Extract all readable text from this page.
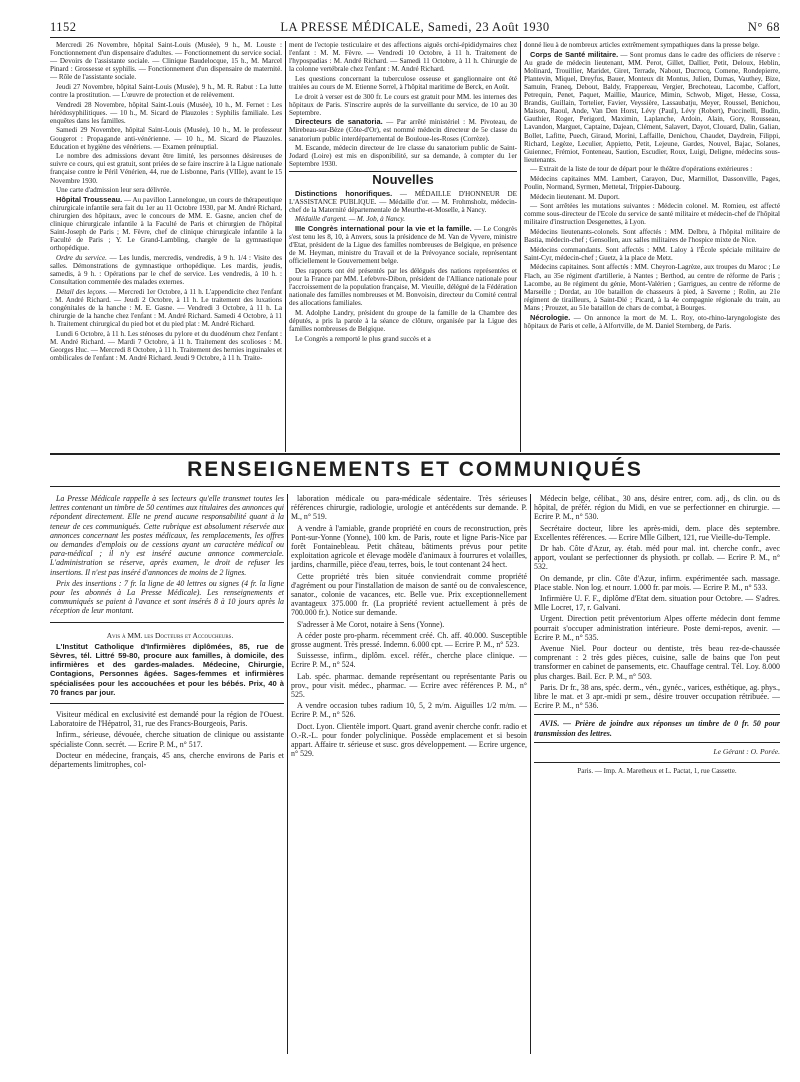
1152	LA PRESSE MÉDICALE, Samedi, 23 Août 1930	N° 68

Mercredi 26 Novembre, hôpital Saint-Louis (Musée), 9 h., M. Louste : Fonctionnement d'un dispensaire d'adultes. — Fonctionnement du service social. — Devoirs de l'assistante sociale. — Clinique Baudelocque, 15 h., M. Marcel Pinard : Grossesse et syphilis. — Fonctionnement d'un dispensaire de maternité. — Rôle de l'assistante sociale.

Jeudi 27 Novembre, hôpital Saint-Louis (Musée), 9 h., M. R. Rabut : La lutte contre la prostitution. — L'œuvre de protection et de relèvement.

Vendredi 28 Novembre, hôpital Saint-Louis (Musée), 10 h., M. Fernet : Les hérédosyphilitiques. — 10 h., M. Sicard de Plauzoles : Syphilis familiale. Les enquêtes dans les familles.

Samedi 29 Novembre, hôpital Saint-Louis (Musée), 10 h., M. le professeur Gougerot : Propagande anti-vénérienne. — 10 h., M. Sicard de Plauzoles. Education et hygiène des vénériens. — Examen prénuptial.

Le nombre des admissions devant être limité, les personnes désireuses de suivre ce cours, qui est gratuit, sont priées de se faire inscrire à la Ligue nationale française contre le Péril Vénérien, 44, rue de Lisbonne, Paris (VIIIe), avant le 15 Novembre 1930.

Une carte d'admission leur sera délivrée.

Hôpital Trousseau. — Au pavillon Lannelongue, un cours de thérapeutique chirurgicale infantile sera fait du 1er au 11 Octobre 1930, par M. André Richard, chirurgien des hôpitaux, avec le concours de MM. E. Gasne, ancien chef de clinique chirurgicale infantile à la Faculté de Paris et chirurgien de l'hôpital Saint-Joseph de Paris ; M. Fèvre, chef de clinique chirurgicale infantile à la Faculté de Paris ; Y. Le Grand-Lambling, chargée de la gymnastique orthopédique.

Ordre du service. — Les lundis, mercredis, vendredis, à 9 h. 1/4 : Visite des salles. Démonstrations de gymnastique orthopédique. Les mardis, jeudis, samedis, à 9 h. : Opérations par le chef de service. Les vendredis, à 10 h. : Consultation commentée des malades externes.

Détail des leçons. — Mercredi 1er Octobre, à 11 h. L'appendicite chez l'enfant : M. André Richard. — Jeudi 2 Octobre, à 11 h. Le traitement des luxations congénitales de la hanche : M. E. Gasne. — Vendredi 3 Octobre, à 11 h. La chirurgie de la hanche chez l'enfant : M. André Richard. Samedi 4 Octobre, à 11 h. Traitement chirurgical du pied bot et du pied plat : M. André Richard.

Lundi 6 Octobre, à 11 h. Les sténoses du pylore et du duodénum chez l'enfant : M. André Richard. — Mardi 7 Octobre, à 11 h. Traitement des scolioses : M. Georges Huc. — Mercredi 8 Octobre, à 11 h. Traitement des hernies inguinales et ombilicales de l'enfant : M. André Richard. Jeudi 9 Octobre, à 11 h. Traite-

ment de l'ectopie testiculaire et des affections aiguës orchi-épididymaires chez l'enfant : M. M. Fèvre. — Vendredi 10 Octobre, à 11 h. Traitement de l'hypospadias : M. André Richard. — Samedi 11 Octobre, à 11 h. Chirurgie de la colonne vertébrale chez l'enfant : M. André Richard.

Les questions concernant la tuberculose osseuse et ganglionnaire ont été traitées au cours de M. Etienne Sorrel, à l'hôpital maritime de Berck, en Août.

Le droit à verser est de 300 fr. Le cours est gratuit pour MM. les internes des hôpitaux de Paris. S'inscrire auprès de la surveillante du service, de 10 au 30 Septembre.

Directeurs de sanatoria. — Par arrêté ministériel : M. Pivoteau, de Mirebeau-sur-Bèze (Côte-d'Or), est nommé médecin directeur de 5e classe du sanatorium public interdépartemental de Bouloue-les-Roses (Corrèze).

M. Escande, médecin directeur de 1re classe du sanatorium public de Saint-Jodard (Loire) est mis en disponibilité, sur sa demande, à compter du 1er Septembre 1930.

Nouvelles

Distinctions honorifiques. — MÉDAILLE D'HONNEUR DE L'ASSISTANCE PUBLIQUE. — Médaille d'or. — M. Frohmsholz, médecin-chef de la Maternité départementale de Meurthe-et-Moselle, à Nancy.

Médaille d'argent. — M. Job, à Nancy.

IIIe Congrès international pour la vie et la famille. — Le Congrès s'est tenu les 8, 10, à Anvers, sous la présidence de M. Van de Vyvere, ministre d'Etat, président de la Ligue des familles nombreuses de Belgique, en présence de M. Heyman, ministre du Travail et de la Prévoyance sociale, représentant officiellement le Gouvernement belge.

Des rapports ont été présentés par les délégués des nations représentées et pour la France par MM. Lefebvre-Dibon, président de l'Alliance nationale pour l'accroissement de la population française, M. Vieuille, délégué de la Fédération nationale des familles nombreuses et M. Bonvoisin, directeur du Comité central des allocations familiales.

M. Adolphe Landry, président du groupe de la famille de la Chambre des députés, a pris la parole à la séance de clôture, organisée par la Ligue des familles nombreuses de Belgique.

Le Congrès a remporté le plus grand succès et a

donné lieu à de nombreux articles extrêmement sympathiques dans la presse belge.

Corps de Santé militaire. — Sont promus dans le cadre des officiers de réserve : Au grade de médecin lieutenant, MM. Perot, Gillet, Dallier, Petit, Deloux, Heblin, Molinard, Trouillier, Maridet, Giret, Terrade, Nabout, Ducrocq, Comene, Rondepierre, Plantevin, Miquel, Dreyfus, Bauer, Monteux dit Montus, Julien, Dumas, Vauthey, Bize, Samuin, Franeq, Debout, Baldy, Frappereau, Vergier, Brechoteau, Lacombe, Caffort, Petrequin, Penet, Paquet, Maillie, Maurice, Mimin, Schwob, Miget, Hesse, Cossa, Brandis, Guillain, Tortelier, Favier, Veyssière, Lassaubatju, Meyer, Roussel, Benichou, Maison, Raoul, Ande, Van Den Horst, Lévy (Paul), Lévy (Robert), Puccinelli, Budin, Gauthier, Roger, Perigord, Maximin, Laplanche, Ardoin, Alain, Gory, Rousseau, Lavandon, Marguet, Captaine, Dajean, Clément, Salavert, Dayot, Clouard, Dalin, Galian, Bollet, Lafitte, Puech, Giraud, Morini, Laffaille, Denichou, Chaudet, Daydrein, Filippi, Richard, Legèze, Leculier, Appietto, Petit, Lejeune, Gardes, Nouvel, Bajac, Solanes, Guiennec, Frémiot, Fonteneau, Saution, Escudier, Roux, Luigi, Deligne, médecins sous-lieutenants.

— Extrait de la liste de tour de départ pour le théâtre d'opérations extérieures :

Médecins capitaines MM. Lambert, Carayon, Duc, Marmillot, Dassonville, Pages, Poulin, Normand, Syrmen, Mettetal, Trippier-Dabourg.

Médecin lieutenant. M. Duport.

— Sont arrêtées les mutations suivantes : Médecin colonel. M. Romieu, est affecté comme sous-directeur de l'Ecole du service de santé militaire et médecin-chef de l'hôpital militaire d'instruction Desgenettes, à Lyon.

Médecins lieutenants-colonels. Sont affectés : MM. Delbru, à l'hôpital militaire de Bastia, médecin-chef ; Gensollen, aux salles militaires de l'hospice mixte de Nice.

Médecins commandants. Sont affectés : MM. Laloy à l'École spéciale militaire de Saint-Cyr, médecin-chef ; Guetz, à la place de Metz.

Médecins capitaines. Sont affectés : MM. Cheyron-Lagrèze, aux troupes du Maroc ; Le Flach, au 35e régiment d'artillerie, à Nantes ; Berthod, au centre de réforme de Paris ; Lacombe, au 8e régiment du génie, Mont-Valérien ; Garrigues, au centre de réforme de Marseille ; Dordat, au 10e bataillon de chasseurs à pied, à Saverne ; Rolin, au 21e régiment de tirailleurs, à Saint-Dié ; Picard, à la 4e compagnie régionale du train, au Mans ; Prouzet, au 51e bataillon de chars de combat, à Bourges.

Nécrologie. — On annonce la mort de M. L. Roy, oto-rhino-laryngologiste des hôpitaux de Paris et celle, à Alfortville, de M. Daniel Sternberg, de Paris.

RENSEIGNEMENTS ET COMMUNIQUÉS

La Presse Médicale rappelle à ses lecteurs qu'elle transmet toutes les lettres contenant un timbre de 50 centimes aux titulaires des annonces qui répondent directement. Elle ne prend aucune responsabilité quant à la teneur de ces communiqués. Cette rubrique est absolument réservée aux annonces concernant les postes médicaux, les remplacements, les offres ou demandes d'emplois ou de cessions ayant un caractère médical ou para-médical ; il n'y est inséré aucune annonce commerciale. L'administration se réserve, après examen, le droit de refuser les insertions. Il n'est pas inséré d'annonces de moins de 2 lignes.

Prix des insertions : 7 fr. la ligne de 40 lettres ou signes (4 fr. la ligne pour les abonnés à La Presse Médicale). Les renseignements et communiqués se paient à l'avance et sont insérés 8 à 10 jours après la réception de leur montant.

Avis à MM. les Docteurs et Accoucheurs.

L'Institut Catholique d'Infirmières diplômées, 85, rue de Sèvres, tél. Littré 59-80, procure aux familles, à domicile, des infirmières et des gardes-malades. Médecine, Chirurgie, Contagions, Personnes âgées. Sages-femmes et infirmières spécialisées pour les accouchées et pour les bébés. Prix, 40 à 70 francs par jour.

Visiteur médical en exclusivité est demandé pour la région de l'Ouest. Laboratoire de l'Hépatrol, 31, rue des Francs-Bourgeois, Paris.

Infirm., sérieuse, dévouée, cherche situation de clinique ou assistante spécialiste Conn. secrét. — Ecrire P. M., n° 517.

Docteur en médecine, français, 45 ans, cherche environs de Paris et départements limitrophes, col-

laboration médicale ou para-médicale sédentaire. Très sérieuses références chirurgie, radiologie, urologie et antécédents sur demande. P. M., n° 519.

A vendre à l'amiable, grande propriété en cours de reconstruction, près Pont-sur-Yonne (Yonne), 100 km. de Paris, route et ligne Paris-Nice par forêt Fontainebleau. Petit château, bâtiments prévus pour petite exploitation agricole et élevage modèle d'animaux à fourrures et volailles, jardins, charmille, pièce d'eau, terres, bois, le tout contenant 24 hect.

Cette propriété très bien située conviendrait comme propriété d'agrément ou pour l'installation de maison de santé ou de convalescence, sanator., colonie de vacances, etc. Belle vue. Prix exceptionnellement avantageux 375.000 fr. (La propriété revient actuellement à près de 700.000 fr.). Notice sur demande.

S'adresser à Me Corot, notaire à Sens (Yonne).

A céder poste pro-pharm. récemment créé. Ch. aff. 40.000. Susceptible grosse augment. Très pressé. Indemn. 6.000 cpt. — Ecrire P. M., n° 523.

Suissesse, infirm., diplôm. excel. référ., cherche place clinique. — Ecrire P. M., n° 524.

Lab. spéc. pharmac. demande représentant ou représentante Paris ou prov., pour visit. médec., pharmac. — Ecrire avec références P. M., n° 525.

A vendre occasion tubes radium 10, 5, 2 m/m. Aiguilles 1/2 m/m. — Ecrire P. M., n° 526.

Doct. Lyon. Clientèle import. Quart. grand avenir cherche confr. radio et O.-R.-L. pour fonder polyclinique. Possède emplacement et si besoin appart. Affaire tr. sérieuse et susc. gros développement. — Ecrire urgence, n° 529.

Médecin belge, célibat., 30 ans, désire entrer, com. adj., ds clin. ou ds hôpital, de préfér. région du Midi, en vue se perfectionner en chirurgie. — Ecrire P. M., n° 530.

Secrétaire docteur, libre les après-midi, dem. place dès septembre. Excellentes références. — Ecrire Mlle Gilbert, 121, rue Vieille-du-Temple.

Dr hab. Côte d'Azur, ay. étab. méd pour mal. int. cherche confr., avec apport, voulant se perfectionner ds physioth. pr collab. — Ecrire P. M., n° 532.

On demande, pr clin. Côte d'Azur, infirm. expérimentée sach. massage. Place stable. Non log. et nourr. 1.000 fr. par mois. — Ecrire P. M., n° 533.

Infirmière U. F. F., diplôme d'Etat dem. situation pour Octobre. — S'adres. Mlle Locret, 17, r. Galvani.

Urgent. Direction petit préventorium Alpes offerte médecin dont femme pourrait s'occuper administration intérieure. Poste demi-repos, avenir. — Ecrire P. M., n° 535.

Avenue Niel. Pour docteur ou dentiste, très beau rez-de-chaussée comprenant : 2 très gdes pièces, cuisine, salle de bains que l'on peut transformer en cabinet de pansements, etc. Chauffage central. Tél. Loy. 8.000 plus charges. Bail. Ecr. P. M., n° 503.

Paris. Dr fr., 38 ans, spéc. derm., vén., gynéc., varices, esthétique, ag. phys., libre le mat. et 3 apr.-midi pr sem., désire trouver occupation rétribuée. — Ecrire P. M., n° 536.

AVIS. — Prière de joindre aux réponses un timbre de 0 fr. 50 pour transmission des lettres.

Le Gérant : O. Porée.
Paris. — Imp. A. Maretheux et L. Pactat, 1, rue Cassette.
